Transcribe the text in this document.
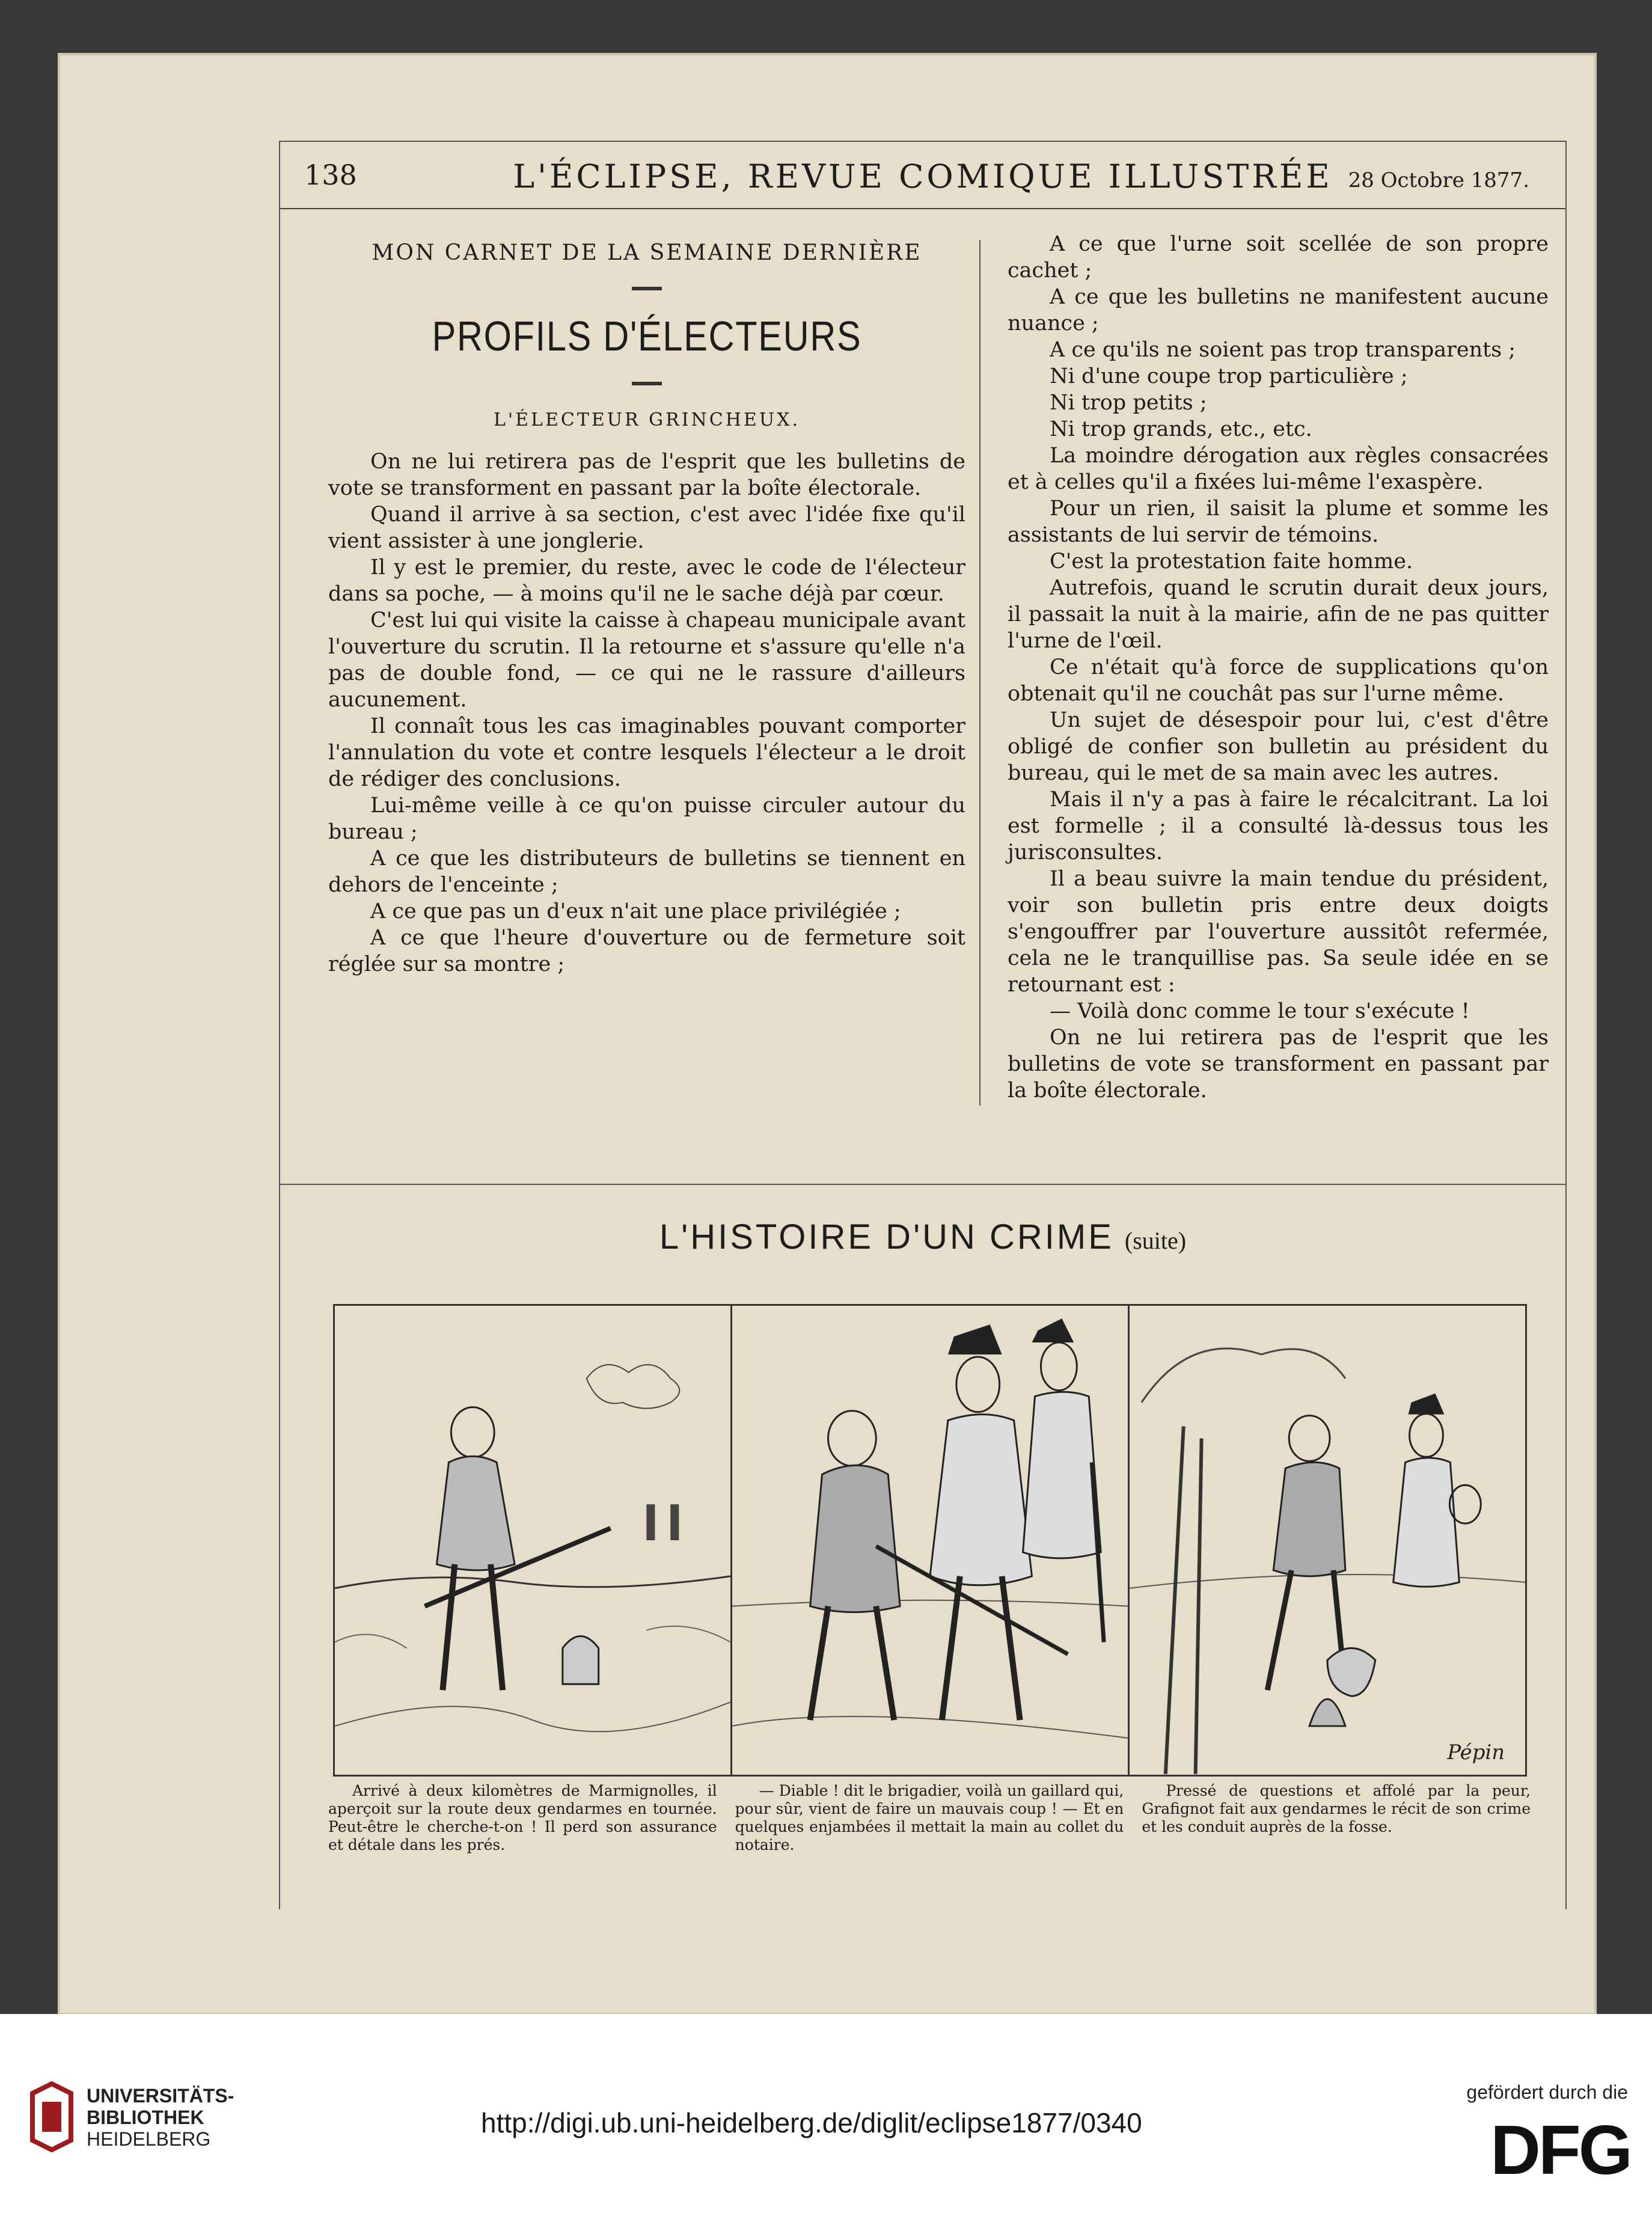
138	L'ÉCLIPSE, REVUE COMIQUE ILLUSTRÉE 28 Octobre 1877.
MON CARNET DE LA SEMAINE DERNIÈRE
PROFILS D'ÉLECTEURS
L'ÉLECTEUR GRINCHEUX.

On ne lui retirera pas de l'esprit que les bulletins de vote se transforment en passant par la boîte électorale.

Quand il arrive à sa section, c'est avec l'idée fixe qu'il vient assister à une jonglerie.

Il y est le premier, du reste, avec le code de l'électeur dans sa poche, — à moins qu'il ne le sache déjà par cœur.

C'est lui qui visite la caisse à chapeau municipale avant l'ouverture du scrutin. Il la retourne et s'assure qu'elle n'a pas de double fond, — ce qui ne le rassure d'ailleurs aucunement.

Il connaît tous les cas imaginables pouvant comporter l'annulation du vote et contre lesquels l'électeur a le droit de rédiger des conclusions.

Lui-même veille à ce qu'on puisse circuler autour du bureau ;

A ce que les distributeurs de bulletins se tiennent en dehors de l'enceinte ;

A ce que pas un d'eux n'ait une place privilégiée ;

A ce que l'heure d'ouverture ou de fermeture soit réglée sur sa montre ;

A ce que l'urne soit scellée de son propre cachet ;

A ce que les bulletins ne manifestent aucune nuance ;

A ce qu'ils ne soient pas trop transparents ;

Ni d'une coupe trop particulière ;

Ni trop petits ;

Ni trop grands, etc., etc.

La moindre dérogation aux règles consacrées et à celles qu'il a fixées lui-même l'exaspère.

Pour un rien, il saisit la plume et somme les assistants de lui servir de témoins.

C'est la protestation faite homme.

Autrefois, quand le scrutin durait deux jours, il passait la nuit à la mairie, afin de ne pas quitter l'urne de l'œil.

Ce n'était qu'à force de supplications qu'on obtenait qu'il ne couchât pas sur l'urne même.

Un sujet de désespoir pour lui, c'est d'être obligé de confier son bulletin au président du bureau, qui le met de sa main avec les autres.

Mais il n'y a pas à faire le récalcitrant. La loi est formelle ; il a consulté là-dessus tous les jurisconsultes.

Il a beau suivre la main tendue du président, voir son bulletin pris entre deux doigts s'engouffrer par l'ouverture aussitôt refermée, cela ne le tranquillise pas. Sa seule idée en se retournant est :

— Voilà donc comme le tour s'exécute !

On ne lui retirera pas de l'esprit que les bulletins de vote se transforment en passant par la boîte électorale.

L'HISTOIRE D'UN CRIME (suite)
Pépin

Arrivé à deux kilomètres de Marmignolles, il aperçoit sur la route deux gendarmes en tournée. Peut-être le cherche-t-on ! Il perd son assurance et détale dans les prés.

— Diable ! dit le brigadier, voilà un gaillard qui, pour sûr, vient de faire un mauvais coup ! — Et en quelques enjambées il mettait la main au collet du notaire.

Pressé de questions et affolé par la peur, Grafignot fait aux gendarmes le récit de son crime et les conduit auprès de la fosse.

UNIVERSITÄTS-
BIBLIOTHEK
HEIDELBERG
http://digi.ub.uni-heidelberg.de/diglit/eclipse1877/0340
gefördert durch die
DFG
